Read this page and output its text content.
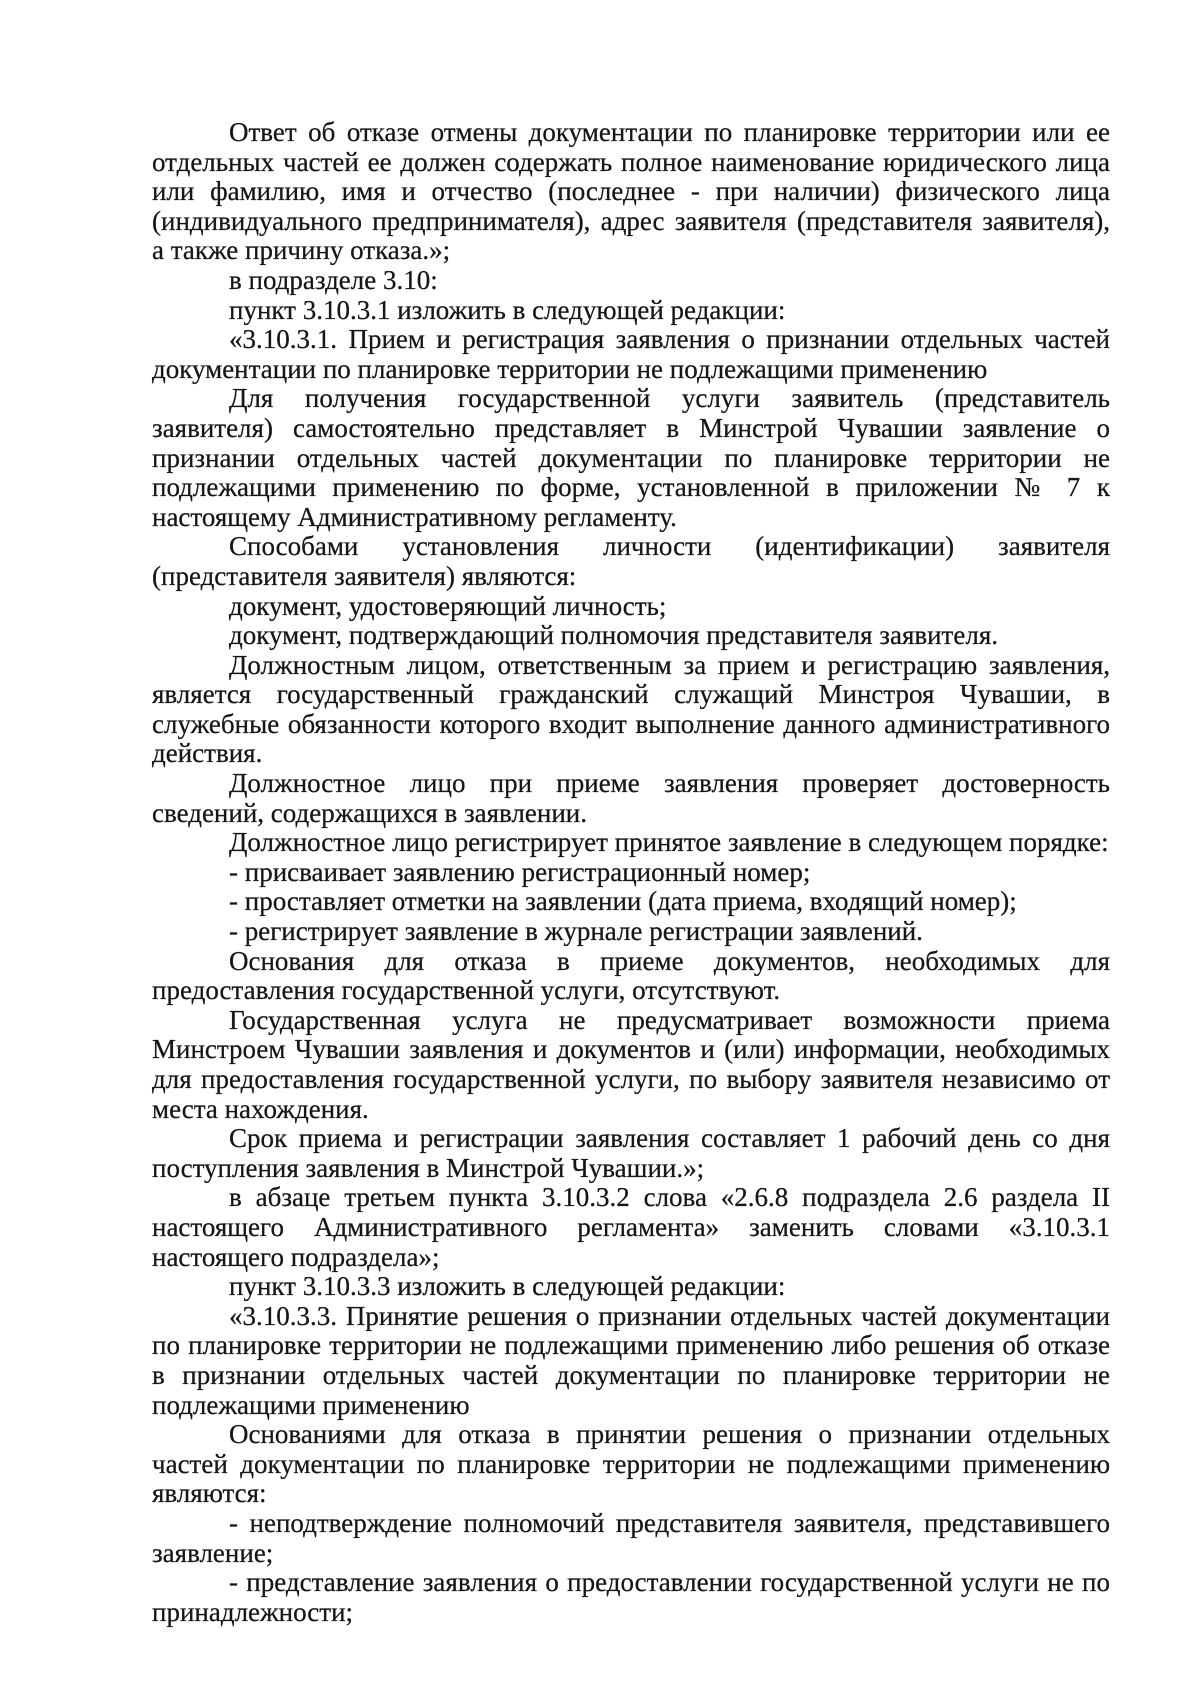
Ответ об отказе отмены документации по планировке территории или ее отдельных частей ее должен содержать полное наименование юридического лица или фамилию, имя и отчество (последнее - при наличии) физического лица (индивидуального предпринимателя), адрес заявителя (представителя заявителя), а также причину отказа.»;

в подразделе 3.10:

пункт 3.10.3.1 изложить в следующей редакции:

«3.10.3.1. Прием и регистрация заявления о признании отдельных частей документации по планировке территории не подлежащими применению

Для получения государственной услуги заявитель (представитель заявителя) самостоятельно представляет в Минстрой Чувашии заявление о признании отдельных частей документации по планировке территории не подлежащими применению по форме, установленной в приложении № 7 к настоящему Административному регламенту.

Способами установления личности (идентификации) заявителя (представителя заявителя) являются:

документ, удостоверяющий личность;

документ, подтверждающий полномочия представителя заявителя.

Должностным лицом, ответственным за прием и регистрацию заявления, является государственный гражданский служащий Минстроя Чувашии, в служебные обязанности которого входит выполнение данного административного действия.

Должностное лицо при приеме заявления проверяет достоверность сведений, содержащихся в заявлении.

Должностное лицо регистрирует принятое заявление в следующем порядке:

- присваивает заявлению регистрационный номер;

- проставляет отметки на заявлении (дата приема, входящий номер);

- регистрирует заявление в журнале регистрации заявлений.

Основания для отказа в приеме документов, необходимых для предоставления государственной услуги, отсутствуют.

Государственная услуга не предусматривает возможности приема Минстроем Чувашии заявления и документов и (или) информации, необходимых для предоставления государственной услуги, по выбору заявителя независимо от места нахождения.

Срок приема и регистрации заявления составляет 1 рабочий день со дня поступления заявления в Минстрой Чувашии.»;

в абзаце третьем пункта 3.10.3.2 слова «2.6.8 подраздела 2.6 раздела II настоящего Административного регламента» заменить словами «3.10.3.1 настоящего подраздела»;

пункт 3.10.3.3 изложить в следующей редакции:

«3.10.3.3. Принятие решения о признании отдельных частей документации по планировке территории не подлежащими применению либо решения об отказе в признании отдельных частей документации по планировке территории не подлежащими применению

Основаниями для отказа в принятии решения о признании отдельных частей документации по планировке территории не подлежащими применению являются:

- неподтверждение полномочий представителя заявителя, представившего заявление;

- представление заявления о предоставлении государственной услуги не по принадлежности;
